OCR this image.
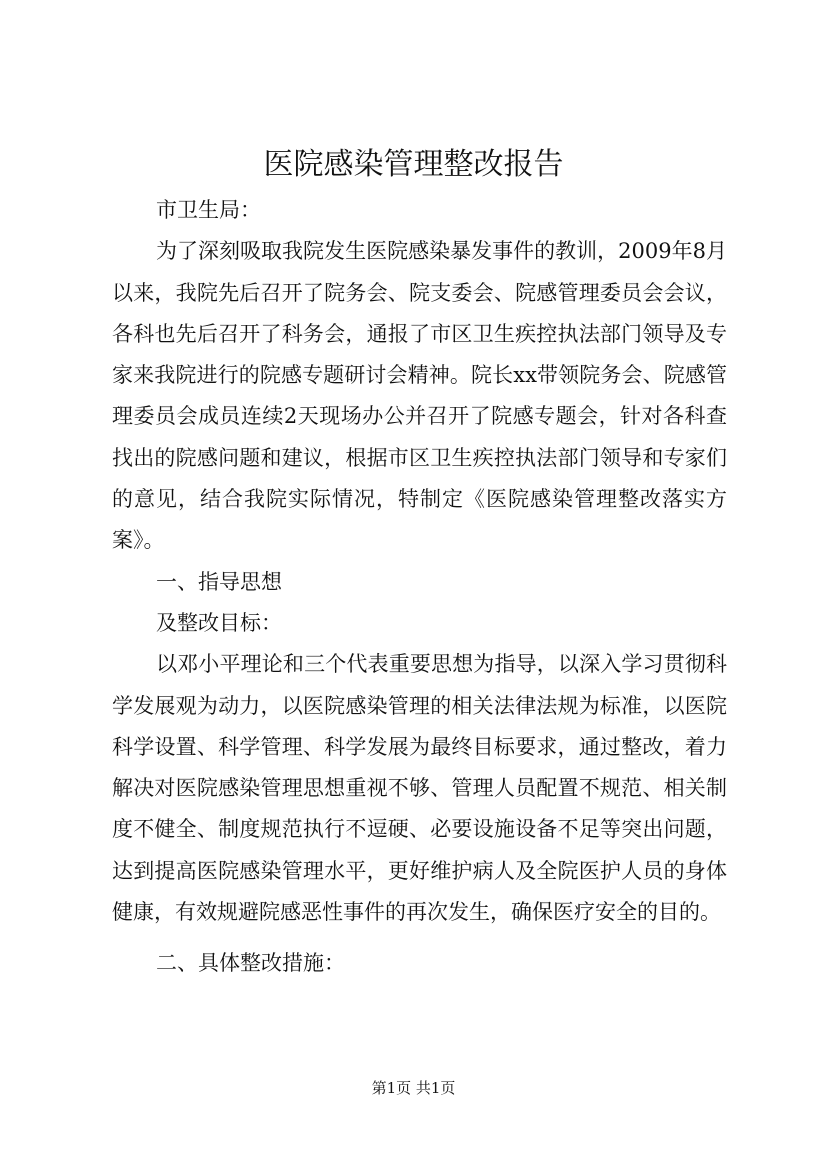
医院感染管理整改报告

市卫生局：

为了深刻吸取我院发生医院感染暴发事件的教训，2009年8月以来，我院先后召开了院务会、院支委会、院感管理委员会会议，各科也先后召开了科务会，通报了市区卫生疾控执法部门领导及专家来我院进行的院感专题研讨会精神。院长xx带领院务会、院感管理委员会成员连续2天现场办公并召开了院感专题会，针对各科查找出的院感问题和建议，根据市区卫生疾控执法部门领导和专家们的意见，结合我院实际情况，特制定《医院感染管理整改落实方案》。

一、指导思想

及整改目标：

以邓小平理论和三个代表重要思想为指导，以深入学习贯彻科学发展观为动力，以医院感染管理的相关法律法规为标准，以医院科学设置、科学管理、科学发展为最终目标要求，通过整改，着力解决对医院感染管理思想重视不够、管理人员配置不规范、相关制度不健全、制度规范执行不逗硬、必要设施设备不足等突出问题，达到提高医院感染管理水平，更好维护病人及全院医护人员的身体健康，有效规避院感恶性事件的再次发生，确保医疗安全的目的。

二、具体整改措施：

第1页 共1页
